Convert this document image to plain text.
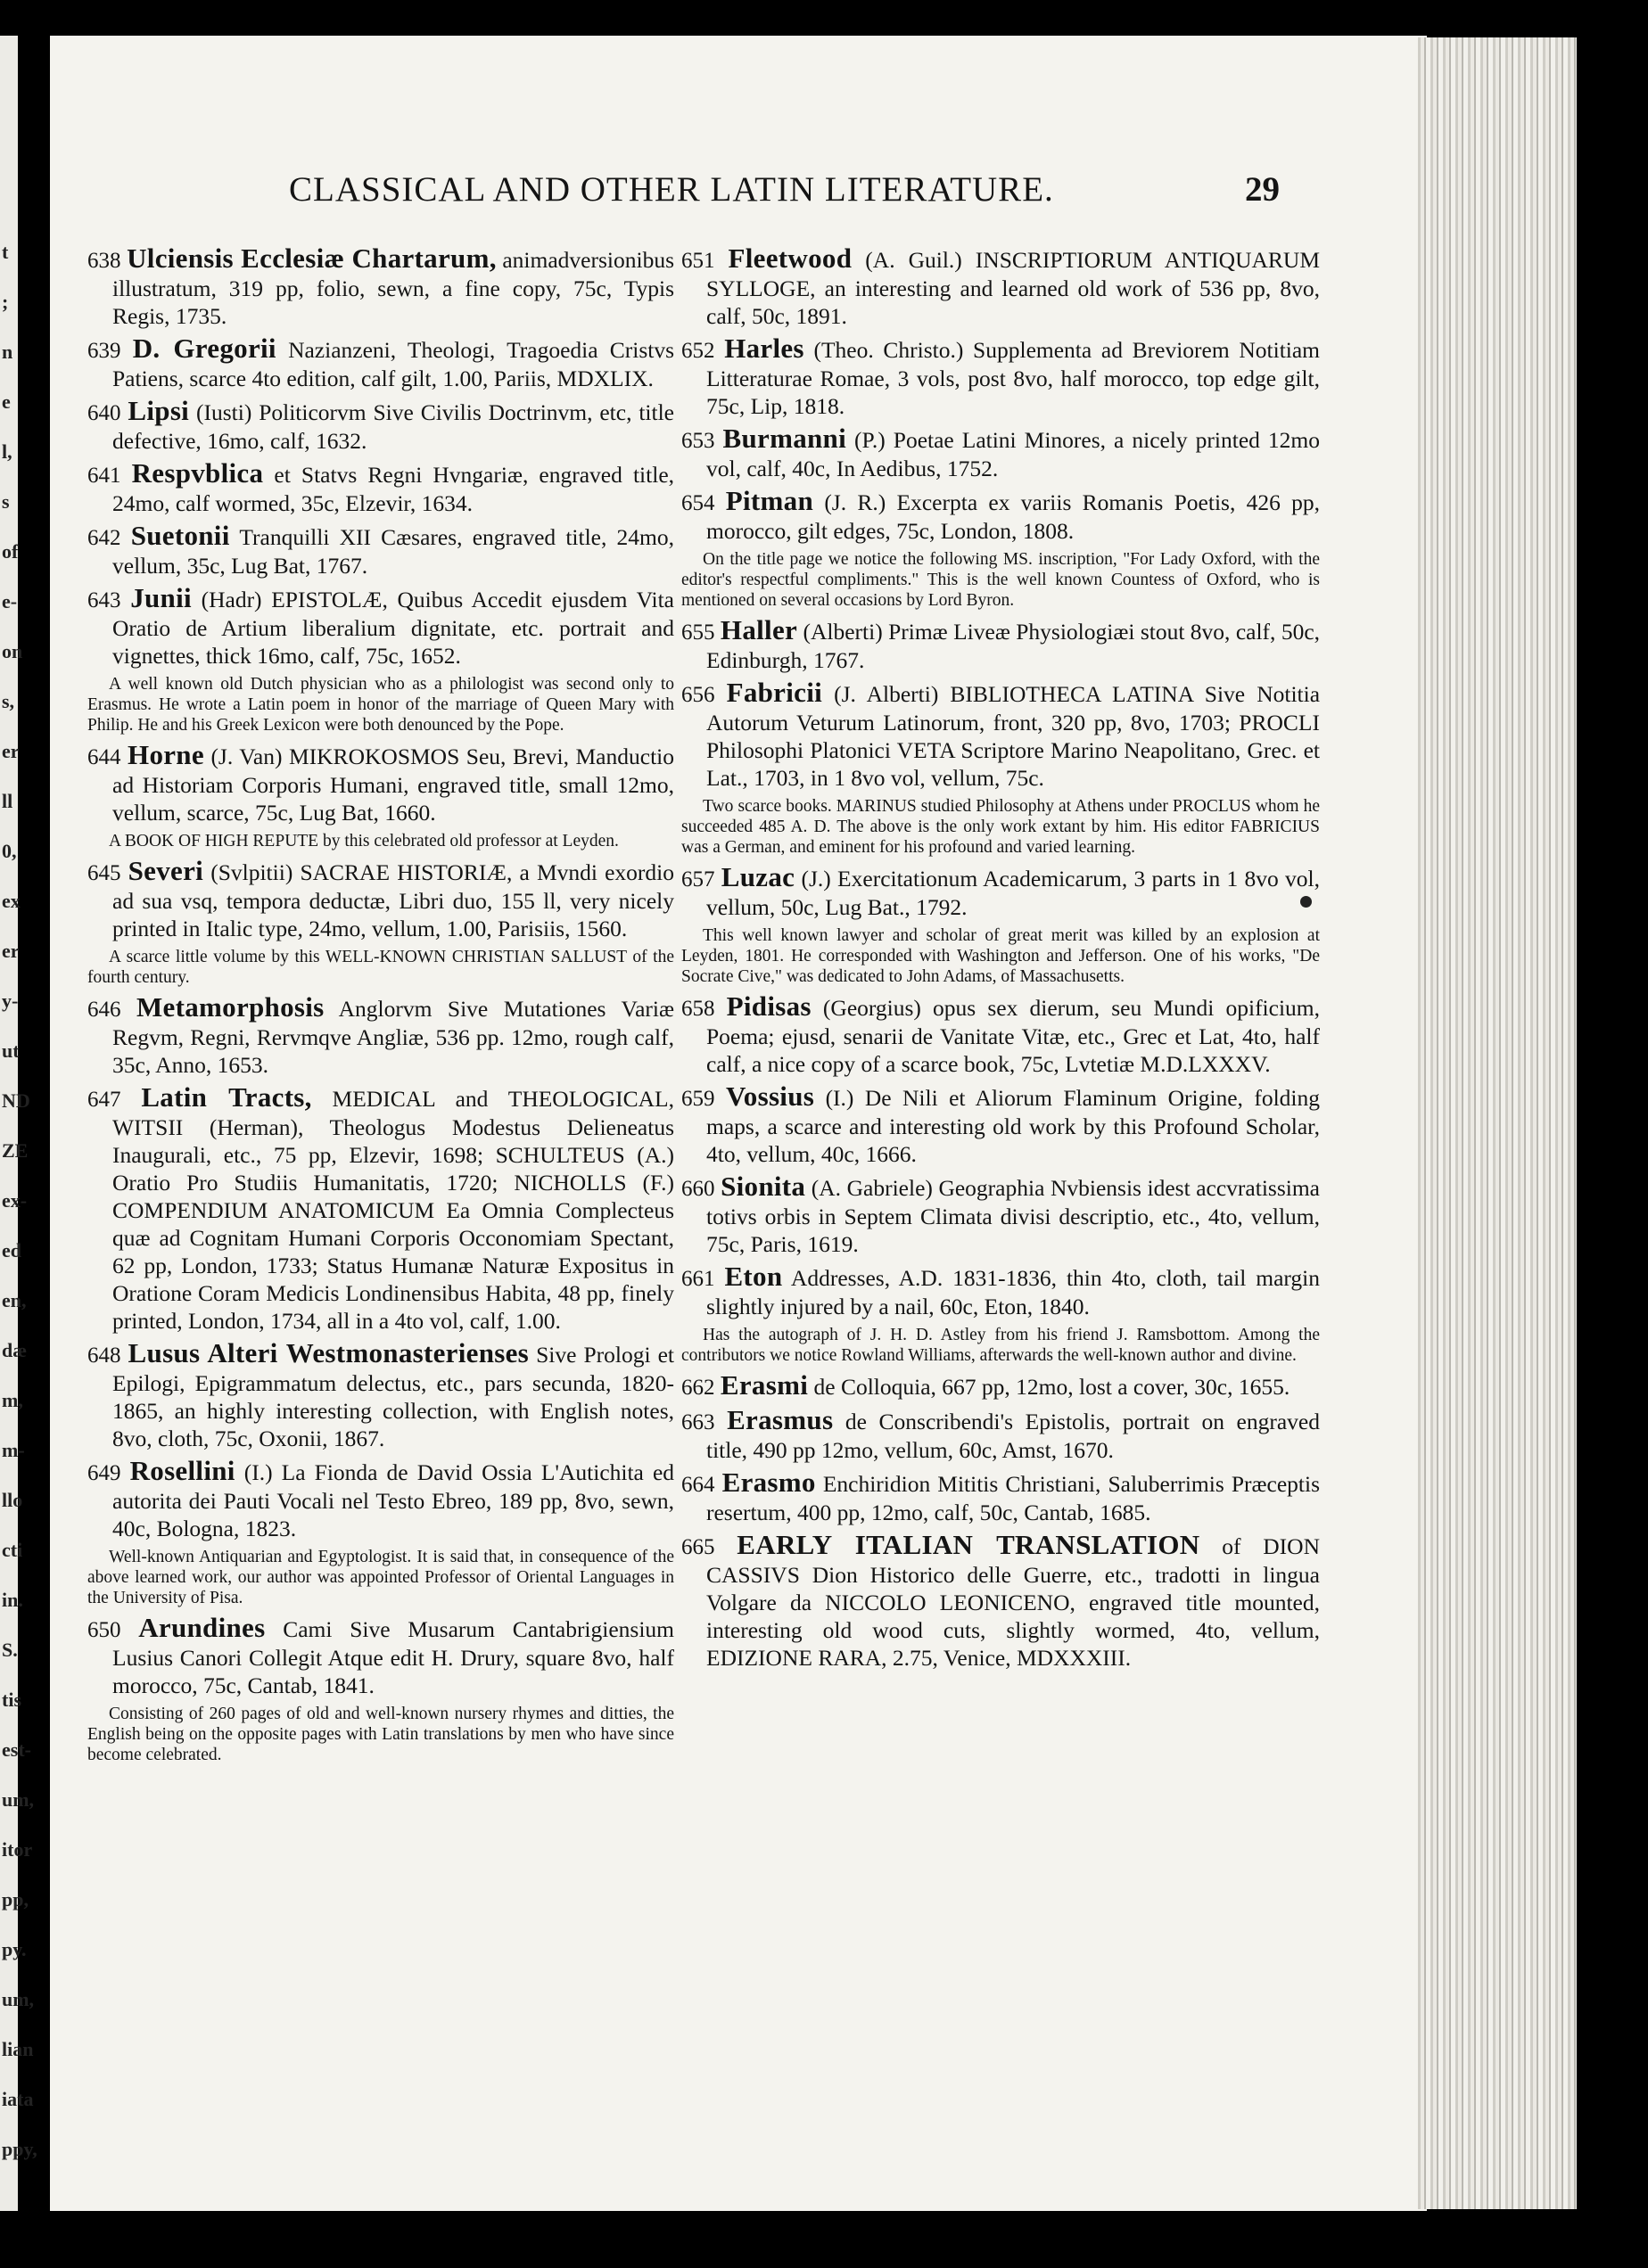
t
;
n
e
l,
s
of
e-
on
s,
er
ll
0,
ex
er
y-
ut
ND
ZE
ex-
ed
en,
dæ
m,
m-
llo
cti
in.
S.
tis
est-
um,
itor
pp,
py.
um,
lian
iata
ppy,
CLASSICAL AND OTHER LATIN LITERATURE.	29

638 Ulciensis Ecclesiæ Chartarum, animadversionibus illustratum, 319 pp, folio, sewn, a fine copy, 75c, Typis Regis, 1735.

639 D. Gregorii Nazianzeni, Theologi, Tragoedia Cristvs Patiens, scarce 4to edition, calf gilt, 1.00, Pariis, MDXLIX.

640 Lipsi (Iusti) Politicorvm Sive Civilis Doctrinvm, etc, title defective, 16mo, calf, 1632.

641 Respvblica et Statvs Regni Hvngariæ, engraved title, 24mo, calf wormed, 35c, Elzevir, 1634.

642 Suetonii Tranquilli XII Cæsares, engraved title, 24mo, vellum, 35c, Lug Bat, 1767.

643 Junii (Hadr) EPISTOLÆ, Quibus Accedit ejusdem Vita Oratio de Artium liberalium dignitate, etc. portrait and vignettes, thick 16mo, calf, 75c, 1652.

A well known old Dutch physician who as a philologist was second only to Erasmus. He wrote a Latin poem in honor of the marriage of Queen Mary with Philip. He and his Greek Lexicon were both denounced by the Pope.

644 Horne (J. Van) MIKROKOSMOS Seu, Brevi, Manductio ad Historiam Corporis Humani, engraved title, small 12mo, vellum, scarce, 75c, Lug Bat, 1660.

A BOOK OF HIGH REPUTE by this celebrated old professor at Leyden.

645 Severi (Svlpitii) SACRAE HISTORIÆ, a Mvndi exordio ad sua vsq, tempora deductæ, Libri duo, 155 ll, very nicely printed in Italic type, 24mo, vellum, 1.00, Parisiis, 1560.

A scarce little volume by this WELL-KNOWN CHRISTIAN SALLUST of the fourth century.

646 Metamorphosis Anglorvm Sive Mutationes Variæ Regvm, Regni, Rervmqve Angliæ, 536 pp. 12mo, rough calf, 35c, Anno, 1653.

647 Latin Tracts, MEDICAL and THEOLOGICAL, WITSII (Herman), Theologus Modestus Delieneatus Inaugurali, etc., 75 pp, Elzevir, 1698; SCHULTEUS (A.) Oratio Pro Studiis Humanitatis, 1720; NICHOLLS (F.) COMPENDIUM ANATOMICUM Ea Omnia Complecteus quæ ad Cognitam Humani Corporis Occonomiam Spectant, 62 pp, London, 1733; Status Humanæ Naturæ Expositus in Oratione Coram Medicis Londinensibus Habita, 48 pp, finely printed, London, 1734, all in a 4to vol, calf, 1.00.

648 Lusus Alteri Westmonasterienses Sive Prologi et Epilogi, Epigrammatum delectus, etc., pars secunda, 1820-1865, an highly interesting collection, with English notes, 8vo, cloth, 75c, Oxonii, 1867.

649 Rosellini (I.) La Fionda de David Ossia L'Autichita ed autorita dei Pauti Vocali nel Testo Ebreo, 189 pp, 8vo, sewn, 40c, Bologna, 1823.

Well-known Antiquarian and Egyptologist. It is said that, in consequence of the above learned work, our author was appointed Professor of Oriental Languages in the University of Pisa.

650 Arundines Cami Sive Musarum Cantabrigiensium Lusius Canori Collegit Atque edit H. Drury, square 8vo, half morocco, 75c, Cantab, 1841.

Consisting of 260 pages of old and well-known nursery rhymes and ditties, the English being on the opposite pages with Latin translations by men who have since become celebrated.

651 Fleetwood (A. Guil.) INSCRIPTIORUM ANTIQUARUM SYLLOGE, an interesting and learned old work of 536 pp, 8vo, calf, 50c, 1891.

652 Harles (Theo. Christo.) Supplementa ad Breviorem Notitiam Litteraturae Romae, 3 vols, post 8vo, half morocco, top edge gilt, 75c, Lip, 1818.

653 Burmanni (P.) Poetae Latini Minores, a nicely printed 12mo vol, calf, 40c, In Aedibus, 1752.

654 Pitman (J. R.) Excerpta ex variis Romanis Poetis, 426 pp, morocco, gilt edges, 75c, London, 1808.

On the title page we notice the following MS. inscription, "For Lady Oxford, with the editor's respectful compliments." This is the well known Countess of Oxford, who is mentioned on several occasions by Lord Byron.

655 Haller (Alberti) Primæ Liveæ Physiologiæi stout 8vo, calf, 50c, Edinburgh, 1767.

656 Fabricii (J. Alberti) BIBLIOTHECA LATINA Sive Notitia Autorum Veturum Latinorum, front, 320 pp, 8vo, 1703; PROCLI Philosophi Platonici VETA Scriptore Marino Neapolitano, Grec. et Lat., 1703, in 1 8vo vol, vellum, 75c.

Two scarce books. MARINUS studied Philosophy at Athens under PROCLUS whom he succeeded 485 A. D. The above is the only work extant by him. His editor FABRICIUS was a German, and eminent for his profound and varied learning.

657 Luzac (J.) Exercitationum Academicarum, 3 parts in 1 8vo vol, vellum, 50c, Lug Bat., 1792.

This well known lawyer and scholar of great merit was killed by an explosion at Leyden, 1801. He corresponded with Washington and Jefferson. One of his works, "De Socrate Cive," was dedicated to John Adams, of Massachusetts.

658 Pidisas (Georgius) opus sex dierum, seu Mundi opificium, Poema; ejusd, senarii de Vanitate Vitæ, etc., Grec et Lat, 4to, half calf, a nice copy of a scarce book, 75c, Lvtetiæ M.D.LXXXV.

659 Vossius (I.) De Nili et Aliorum Flaminum Origine, folding maps, a scarce and interesting old work by this Profound Scholar, 4to, vellum, 40c, 1666.

660 Sionita (A. Gabriele) Geographia Nvbiensis idest accvratissima totivs orbis in Septem Climata divisi descriptio, etc., 4to, vellum, 75c, Paris, 1619.

661 Eton Addresses, A.D. 1831-1836, thin 4to, cloth, tail margin slightly injured by a nail, 60c, Eton, 1840.

Has the autograph of J. H. D. Astley from his friend J. Ramsbottom. Among the contributors we notice Rowland Williams, afterwards the well-known author and divine.

662 Erasmi de Colloquia, 667 pp, 12mo, lost a cover, 30c, 1655.

663 Erasmus de Conscribendi's Epistolis, portrait on engraved title, 490 pp 12mo, vellum, 60c, Amst, 1670.

664 Erasmo Enchiridion Mititis Christiani, Saluberrimis Præceptis resertum, 400 pp, 12mo, calf, 50c, Cantab, 1685.

665 EARLY ITALIAN TRANSLATION of DION CASSIVS Dion Historico delle Guerre, etc., tradotti in lingua Volgare da NICCOLO LEONICENO, engraved title mounted, interesting old wood cuts, slightly wormed, 4to, vellum, EDIZIONE RARA, 2.75, Venice, MDXXXIII.
